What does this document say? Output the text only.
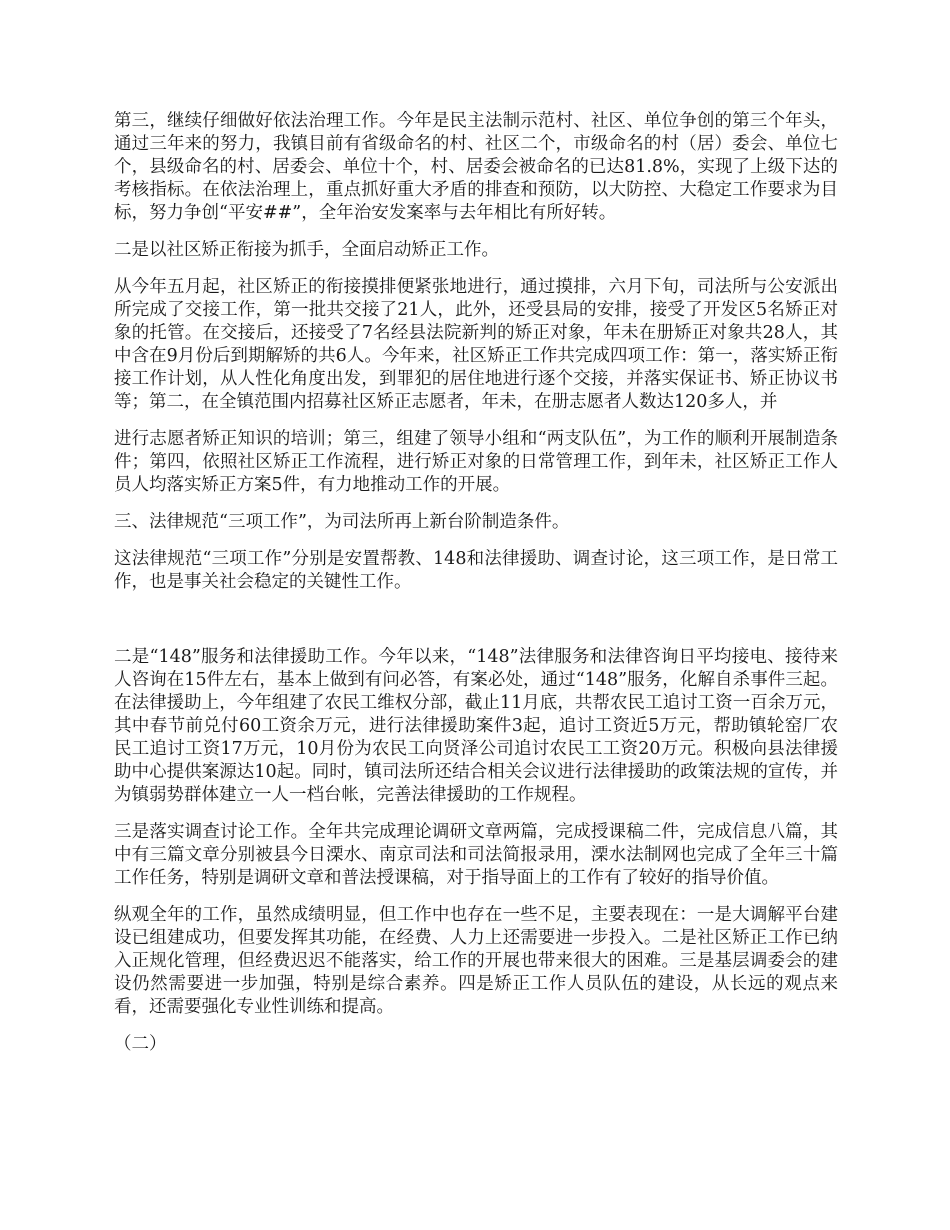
第三，继续仔细做好依法治理工作。今年是民主法制示范村、社区、单位争创的第三个年头，通过三年来的努力，我镇目前有省级命名的村、社区二个，市级命名的村（居）委会、单位七个，县级命名的村、居委会、单位十个，村、居委会被命名的已达81.8%，实现了上级下达的考核指标。在依法治理上，重点抓好重大矛盾的排查和预防，以大防控、大稳定工作要求为目标，努力争创“平安##”，全年治安发案率与去年相比有所好转。

二是以社区矫正衔接为抓手，全面启动矫正工作。

从今年五月起，社区矫正的衔接摸排便紧张地进行，通过摸排，六月下旬，司法所与公安派出所完成了交接工作，第一批共交接了21人，此外，还受县局的安排，接受了开发区5名矫正对象的托管。在交接后，还接受了7名经县法院新判的矫正对象，年未在册矫正对象共28人，其中含在9月份后到期解矫的共6人。今年来，社区矫正工作共完成四项工作：第一，落实矫正衔接工作计划，从人性化角度出发，到罪犯的居住地进行逐个交接，并落实保证书、矫正协议书等；第二，在全镇范围内招募社区矫正志愿者，年未，在册志愿者人数达120多人，并

进行志愿者矫正知识的培训；第三，组建了领导小组和“两支队伍”，为工作的顺利开展制造条件；第四，依照社区矫正工作流程，进行矫正对象的日常管理工作，到年未，社区矫正工作人员人均落实矫正方案5件，有力地推动工作的开展。

三、法律规范“三项工作”，为司法所再上新台阶制造条件。

这法律规范“三项工作”分别是安置帮教、148和法律援助、调查讨论，这三项工作，是日常工作，也是事关社会稳定的关键性工作。

二是“148”服务和法律援助工作。今年以来，“148”法律服务和法律咨询日平均接电、接待来人咨询在15件左右，基本上做到有问必答，有案必处，通过“148”服务，化解自杀事件三起。在法律援助上，今年组建了农民工维权分部，截止11月底，共帮农民工追讨工资一百余万元，其中春节前兑付60工资余万元，进行法律援助案件3起，追讨工资近5万元，帮助镇轮窑厂农民工追讨工资17万元，10月份为农民工向贤泽公司追讨农民工工资20万元。积极向县法律援助中心提供案源达10起。同时，镇司法所还结合相关会议进行法律援助的政策法规的宣传，并为镇弱势群体建立一人一档台帐，完善法律援助的工作规程。

三是落实调查讨论工作。全年共完成理论调研文章两篇，完成授课稿二件，完成信息八篇，其中有三篇文章分别被县今日溧水、南京司法和司法简报录用，溧水法制网也完成了全年三十篇工作任务，特别是调研文章和普法授课稿，对于指导面上的工作有了较好的指导价值。

纵观全年的工作，虽然成绩明显，但工作中也存在一些不足，主要表现在：一是大调解平台建设已组建成功，但要发挥其功能，在经费、人力上还需要进一步投入。二是社区矫正工作已纳入正规化管理，但经费迟迟不能落实，给工作的开展也带来很大的困难。三是基层调委会的建设仍然需要进一步加强，特别是综合素养。四是矫正工作人员队伍的建设，从长远的观点来看，还需要强化专业性训练和提高。

（二）
